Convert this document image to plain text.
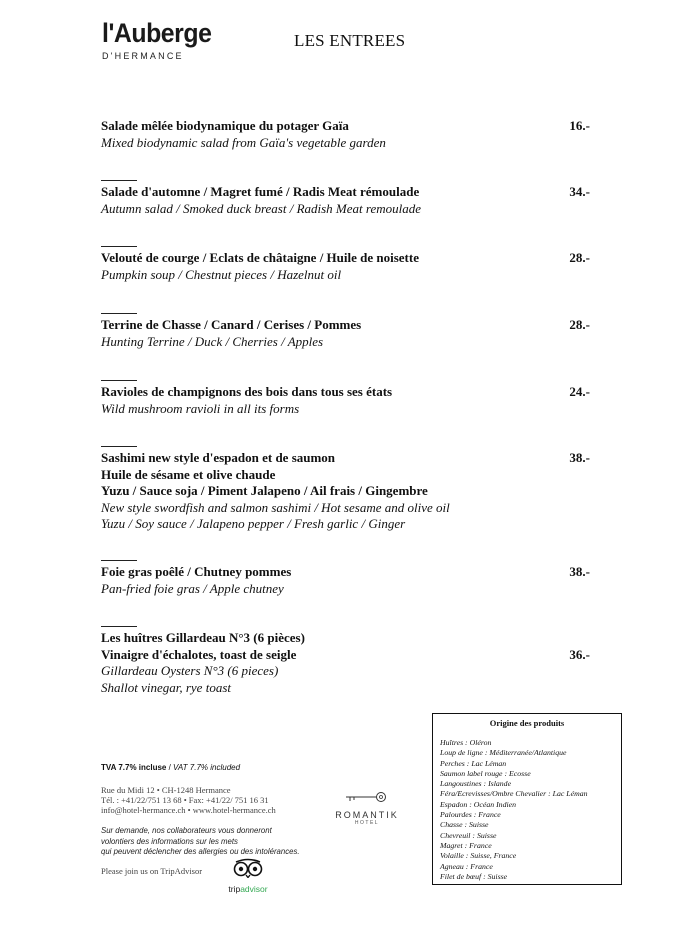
l'Auberge
D'HERMANCE
LES ENTREES
Salade mêlée biodynamique du potager Gaïa
Mixed biodynamic salad from Gaïa's vegetable garden
16.-
Salade d'automne / Magret fumé / Radis Meat rémoulade
Autumn salad / Smoked duck breast / Radish Meat remoulade
34.-
Velouté de courge / Eclats de châtaigne / Huile de noisette
Pumpkin soup / Chestnut pieces / Hazelnut oil
28.-
Terrine de Chasse / Canard / Cerises / Pommes
Hunting Terrine / Duck / Cherries / Apples
28.-
Ravioles de champignons des bois dans tous ses états
Wild mushroom ravioli in all its forms
24.-
Sashimi new style d'espadon et de saumon
Huile de sésame et olive chaude
Yuzu / Sauce soja / Piment Jalapeno / Ail frais / Gingembre
New style swordfish and salmon sashimi / Hot sesame and olive oil
Yuzu / Soy sauce / Jalapeno pepper / Fresh garlic / Ginger
38.-
Foie gras poêlé / Chutney pommes
Pan-fried foie gras / Apple chutney
38.-
Les huîtres Gillardeau N°3 (6 pièces)
Vinaigre d'échalotes, toast de seigle
Gillardeau Oysters N°3 (6 pieces)
Shallot vinegar, rye toast
36.-
TVA 7.7% incluse / VAT 7.7% included
Rue du Midi 12 • CH-1248 Hermance
Tél. : +41/22/751 13 68 • Fax: +41/22/ 751 16 31
info@hotel-hermance.ch • www.hotel-hermance.ch
Sur demande, nos collaborateurs vous donneront
volontiers des informations sur les mets
qui peuvent déclencher des allergies ou des intolérances.
Please join us on TripAdvisor
tripadvisor
ROMANTIK
HOTEL
Origine des produits
Huîtres : Oléron
Loup de ligne : Méditerranée/Atlantique
Perches : Lac Léman
Saumon label rouge : Ecosse
Langoustines : Islande
Féra/Ecrevisses/Ombre Chevalier : Lac Léman
Espadon : Océan Indien
Palourdes : France
Chasse : Suisse
Chevreuil : Suisse
Magret : France
Volaille : Suisse, France
Agneau : France
Filet de bœuf : Suisse
